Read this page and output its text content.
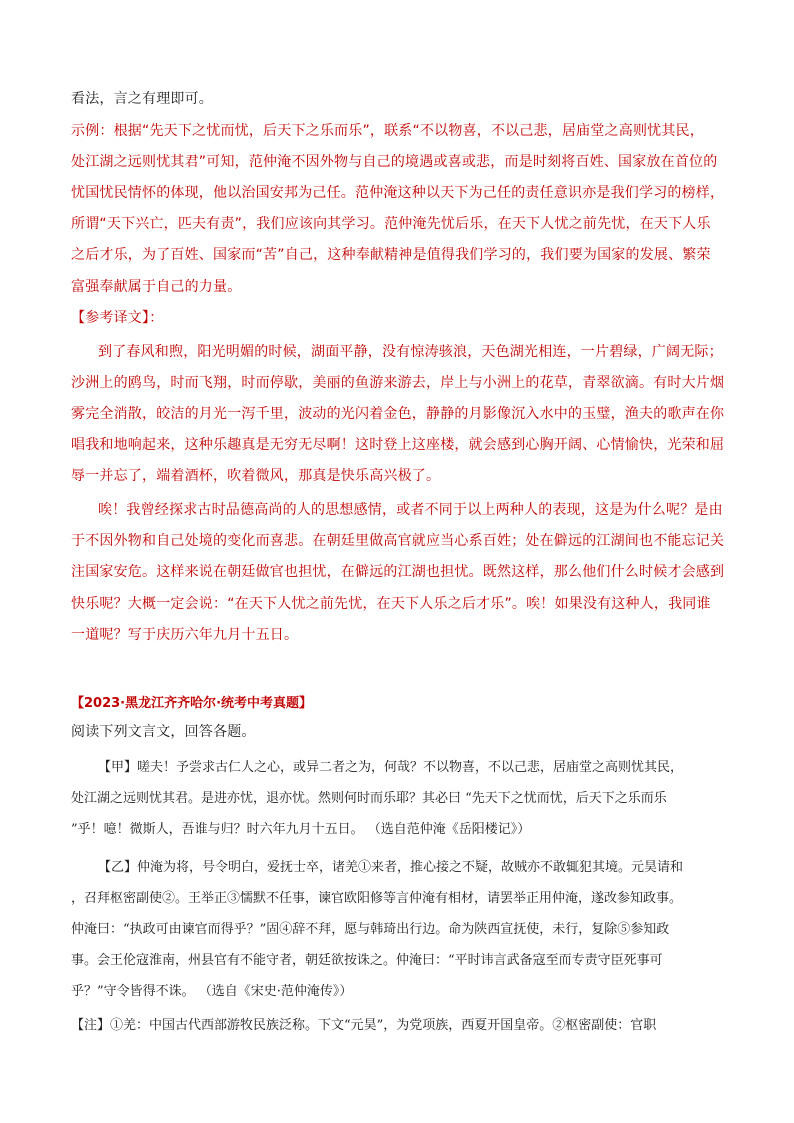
看法，言之有理即可。
示例：根据“先天下之忧而忧，后天下之乐而乐”，联系“不以物喜，不以己悲，居庙堂之高则忧其民，
处江湖之远则忧其君”可知，范仲淹不因外物与自己的境遇或喜或悲，而是时刻将百姓、国家放在首位的
忧国忧民情怀的体现，他以治国安邦为己任。范仲淹这种以天下为己任的责任意识亦是我们学习的榜样，
所谓“天下兴亡，匹夫有责”，我们应该向其学习。范仲淹先忧后乐，在天下人忧之前先忧，在天下人乐
之后才乐，为了百姓、国家而“苦”自己，这种奉献精神是值得我们学习的，我们要为国家的发展、繁荣
富强奉献属于自己的力量。
【参考译文】：
到了春风和煦，阳光明媚的时候，湖面平静，没有惊涛骇浪，天色湖光相连，一片碧绿，广阔无际；
沙洲上的鸥鸟，时而飞翔，时而停歇，美丽的鱼游来游去，岸上与小洲上的花草，青翠欲滴。有时大片烟
雾完全消散，皎洁的月光一泻千里，波动的光闪着金色，静静的月影像沉入水中的玉璧，渔夫的歌声在你
唱我和地响起来，这种乐趣真是无穷无尽啊！这时登上这座楼，就会感到心胸开阔、心情愉快，光荣和屈
辱一并忘了，端着酒杯，吹着微风，那真是快乐高兴极了。
唉！我曾经探求古时品德高尚的人的思想感情，或者不同于以上两种人的表现，这是为什么呢？是由
于不因外物和自己处境的变化而喜悲。在朝廷里做高官就应当心系百姓；处在僻远的江湖间也不能忘记关
注国家安危。这样来说在朝廷做官也担忧，在僻远的江湖也担忧。既然这样，那么他们什么时候才会感到
快乐呢？大概一定会说：“在天下人忧之前先忧，在天下人乐之后才乐”。唉！如果没有这种人，我同谁
一道呢？写于庆历六年九月十五日。
【2023·黑龙江齐齐哈尔·统考中考真题】
阅读下列文言文，回答各题。
【甲】嗟夫！予尝求古仁人之心，或异二者之为，何哉？不以物喜，不以己悲，居庙堂之高则忧其民，
处江湖之远则忧其君。是进亦忧，退亦忧。然则何时而乐耶？其必曰 “先天下之忧而忧，后天下之乐而乐
”乎！噫！微斯人，吾谁与归？时六年九月十五日。 （选自范仲淹《岳阳楼记》）
【乙】仲淹为将，号令明白，爱抚士卒，诸羌①来者，推心接之不疑，故贼亦不敢辄犯其境。元昊请和
，召拜枢密副使②。王举正③懦默不任事，谏官欧阳修等言仲淹有相材，请罢举正用仲淹，遂改参知政事。
仲淹曰：“执政可由谏官而得乎？”固④辞不拜，愿与韩琦出行边。命为陕西宣抚使，未行，复除⑤参知政
事。会王伦寇淮南，州县官有不能守者，朝廷欲按诛之。仲淹曰：“平时讳言武备寇至而专责守臣死事可
乎？”守令皆得不诛。 （选自《宋史·范仲淹传》）
【注】①羌：中国古代西部游牧民族泛称。下文“元昊”，为党项族，西夏开国皇帝。②枢密副使：官职
